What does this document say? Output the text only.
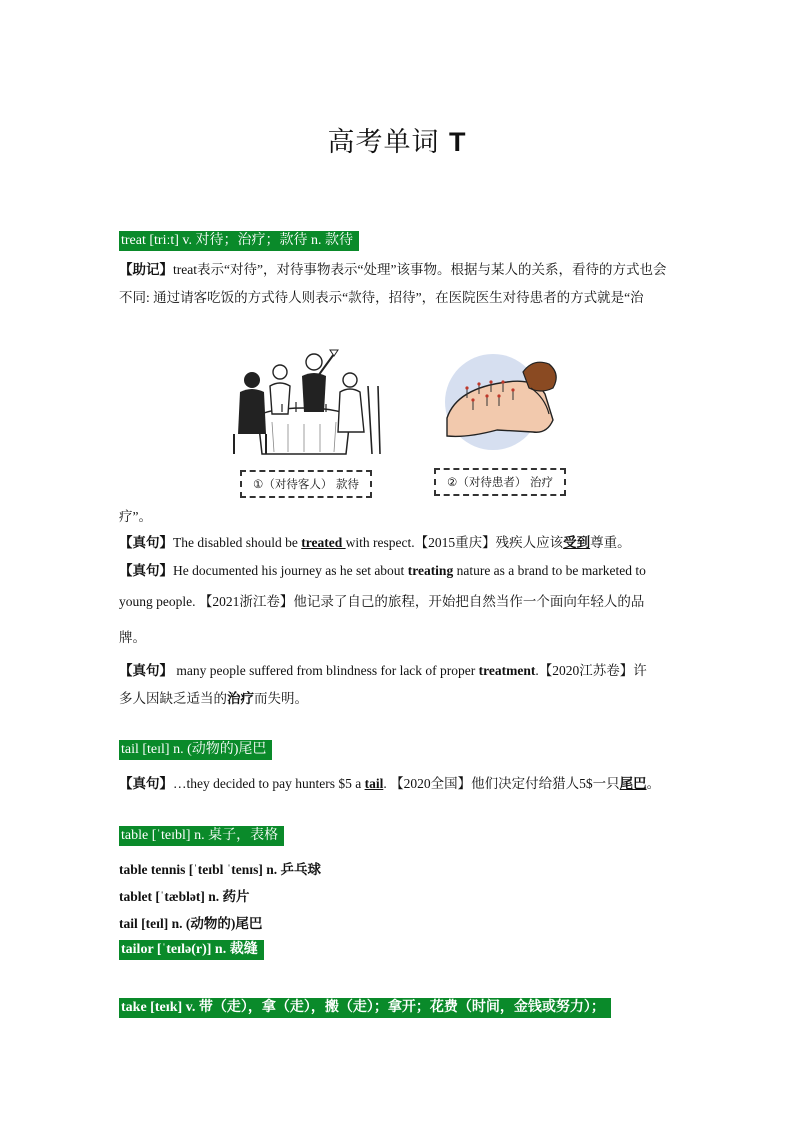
高考单词 T
treat [triːt] v. 对待；治疗；款待 n. 款待
【助记】treat表示“对待”，对待事物表示“处理”该事物。根据与某人的关系，看待的方式也会不同: 通过请客吃饭的方式待人则表示“款待，招待”，在医院医生对待患者的方式就是“治
①（对待客人） 款待	②（对待患者） 治疗
疗”。
【真句】The disabled should be treated with respect.【2015重庆】残疾人应该受到尊重。
【真句】He documented his journey as he set about treating nature as a brand to be marketed to
young people. 【2021浙江卷】他记录了自己的旅程，开始把自然当作一个面向年轻人的品
牌。
【真句】 many people suffered from blindness for lack of proper treatment.【2020江苏卷】许
多人因缺乏适当的治疗而失明。
tail [teɪl] n. (动物的)尾巴
【真句】…they decided to pay hunters $5 a tail. 【2020全国】他们决定付给猎人5$一只尾巴。
table [ˈteɪbl] n. 桌子，表格
table tennis [ˈteɪbl ˈtenɪs] n. 乒乓球
tablet [ˈtæblət] n. 药片
tail [teɪl] n. (动物的)尾巴
tailor [ˈteɪlə(r)] n. 裁缝
take [teɪk] v. 带（走），拿（走），搬（走）；拿开；花费（时间，金钱或努力）；
